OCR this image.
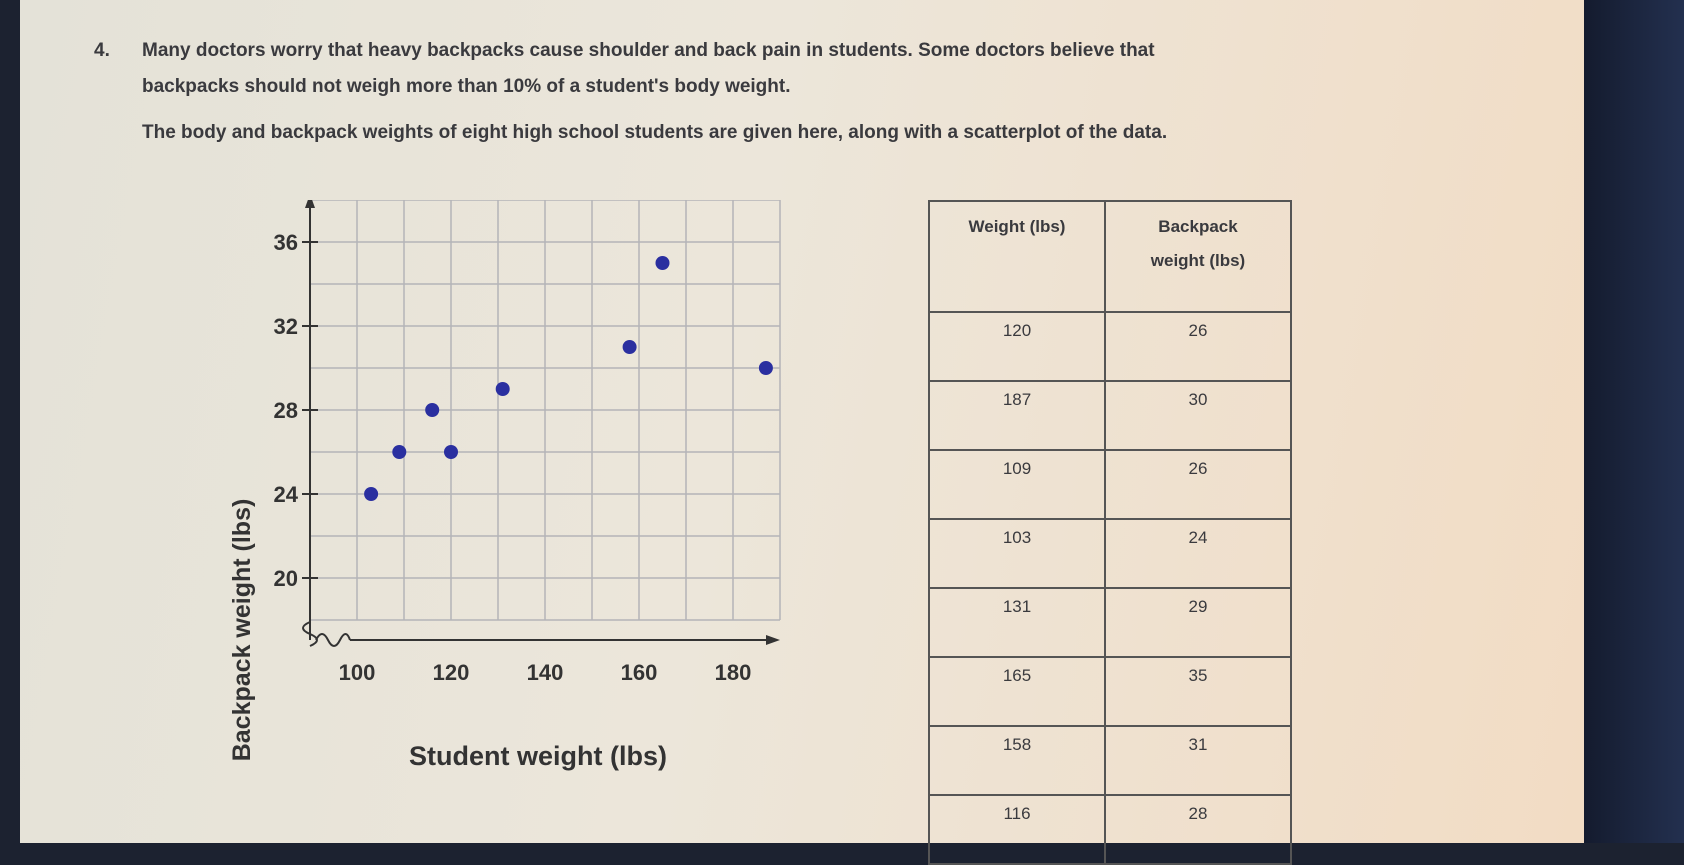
4. Many doctors worry that heavy backpacks cause shoulder and back pain in students. Some doctors believe that
backpacks should not weigh more than 10% of a student's body weight.
The body and backpack weights of eight high school students are given here, along with a scatterplot of the data.
20
24
28
32
36
100	120	140	160	180
Student weight (lbs)
Backpack weight (lbs)
Weight (lbs)	Backpack
weight (lbs)

120	26
187	30
109	26
103	24
131	29
165	35
158	31
116	28
